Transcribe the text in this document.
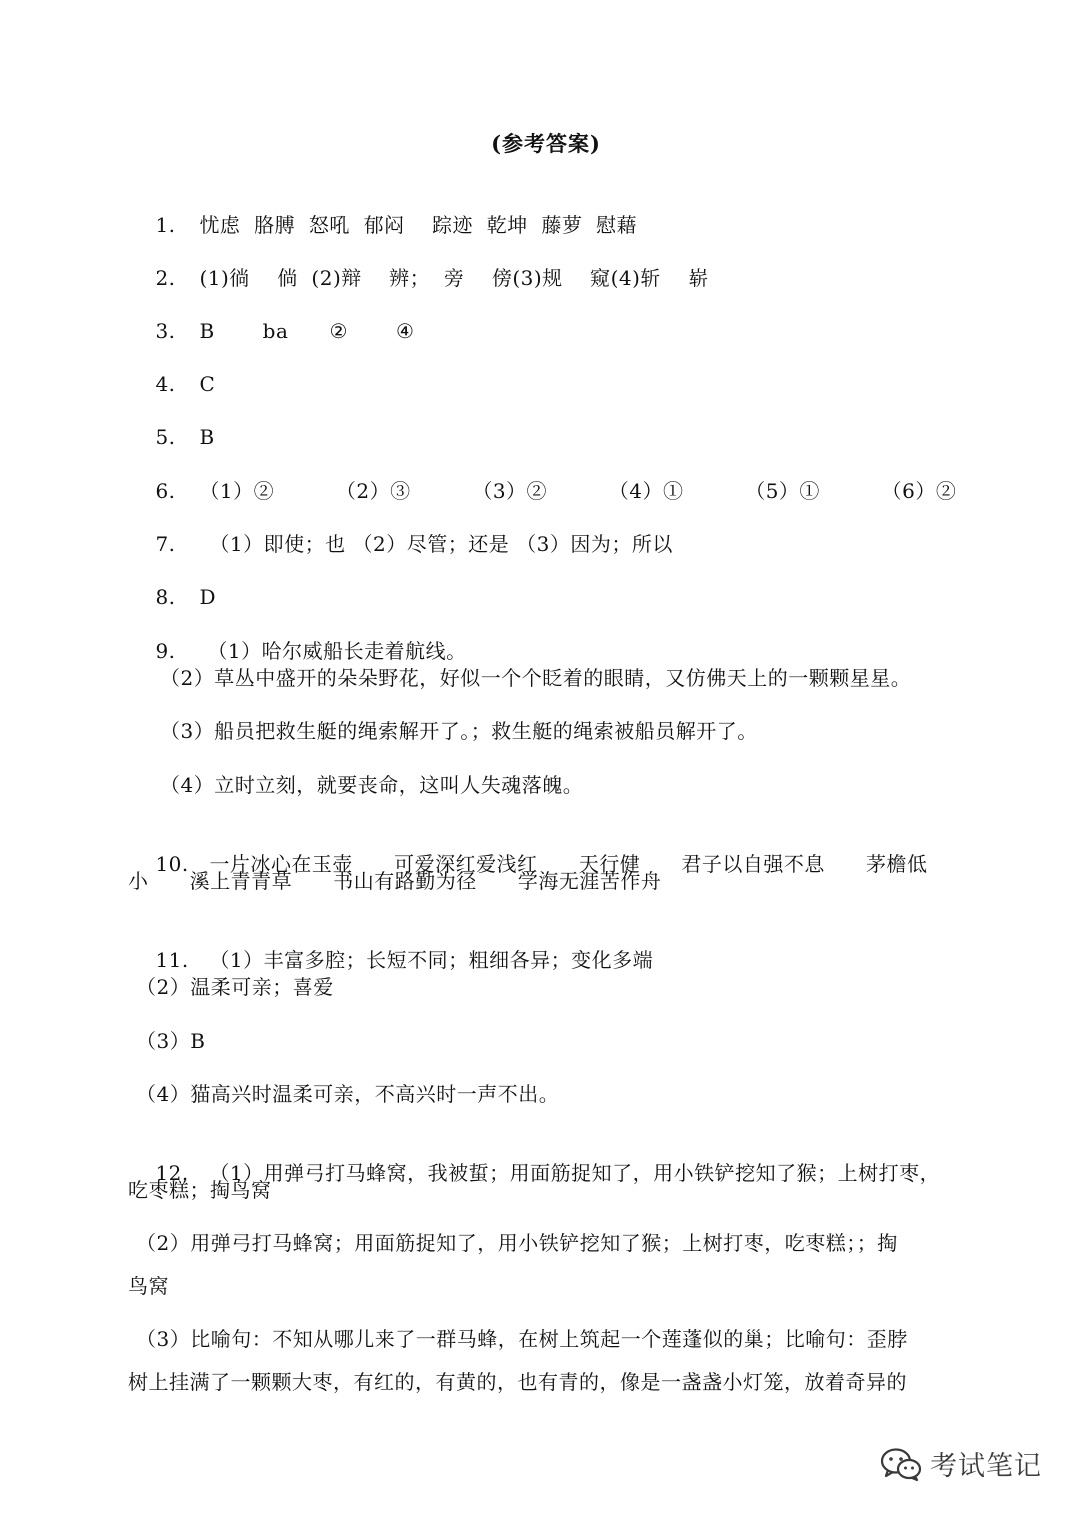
(参考答案)

1. 忧虑  胳膊  怒吼  郁闷    踪迹  乾坤  藤萝  慰藉

2. (1)徜    倘  (2)辩    辨；  旁    傍(3)规    窥(4)斩    崭

3. B       ba      ②       ④

4. C

5. B

6. （1）②         （2）③         （3）②         （4）①         （5）①         （6）②

7. （1）即使；也 （2）尽管；还是 （3）因为；所以

8. D

9. （1）哈尔威船长走着航线。

（2）草丛中盛开的朵朵野花，好似一个个眨着的眼睛，又仿佛天上的一颗颗星星。
（3）船员把救生艇的绳索解开了。；救生艇的绳索被船员解开了。
（4）立时立刻，就要丧命，这叫人失魂落魄。

10. 一片冰心在玉壶      可爱深红爱浅红      天行健      君子以自强不息      茅檐低

小      溪上青青草      书山有路勤为径      学海无涯苦作舟

11. （1）丰富多腔；长短不同；粗细各异；变化多端

（2）温柔可亲；喜爱
（3）B
（4）猫高兴时温柔可亲，不高兴时一声不出。

12. （1）用弹弓打马蜂窝，我被蜇；用面筋捉知了，用小铁铲挖知了猴；上树打枣，

吃枣糕；掏鸟窝
（2）用弹弓打马蜂窝；用面筋捉知了，用小铁铲挖知了猴；上树打枣，吃枣糕；；掏
鸟窝
（3）比喻句：不知从哪儿来了一群马蜂，在树上筑起一个莲蓬似的巢；比喻句：歪脖
树上挂满了一颗颗大枣，有红的，有黄的，也有青的，像是一盏盏小灯笼，放着奇异的
考试笔记
